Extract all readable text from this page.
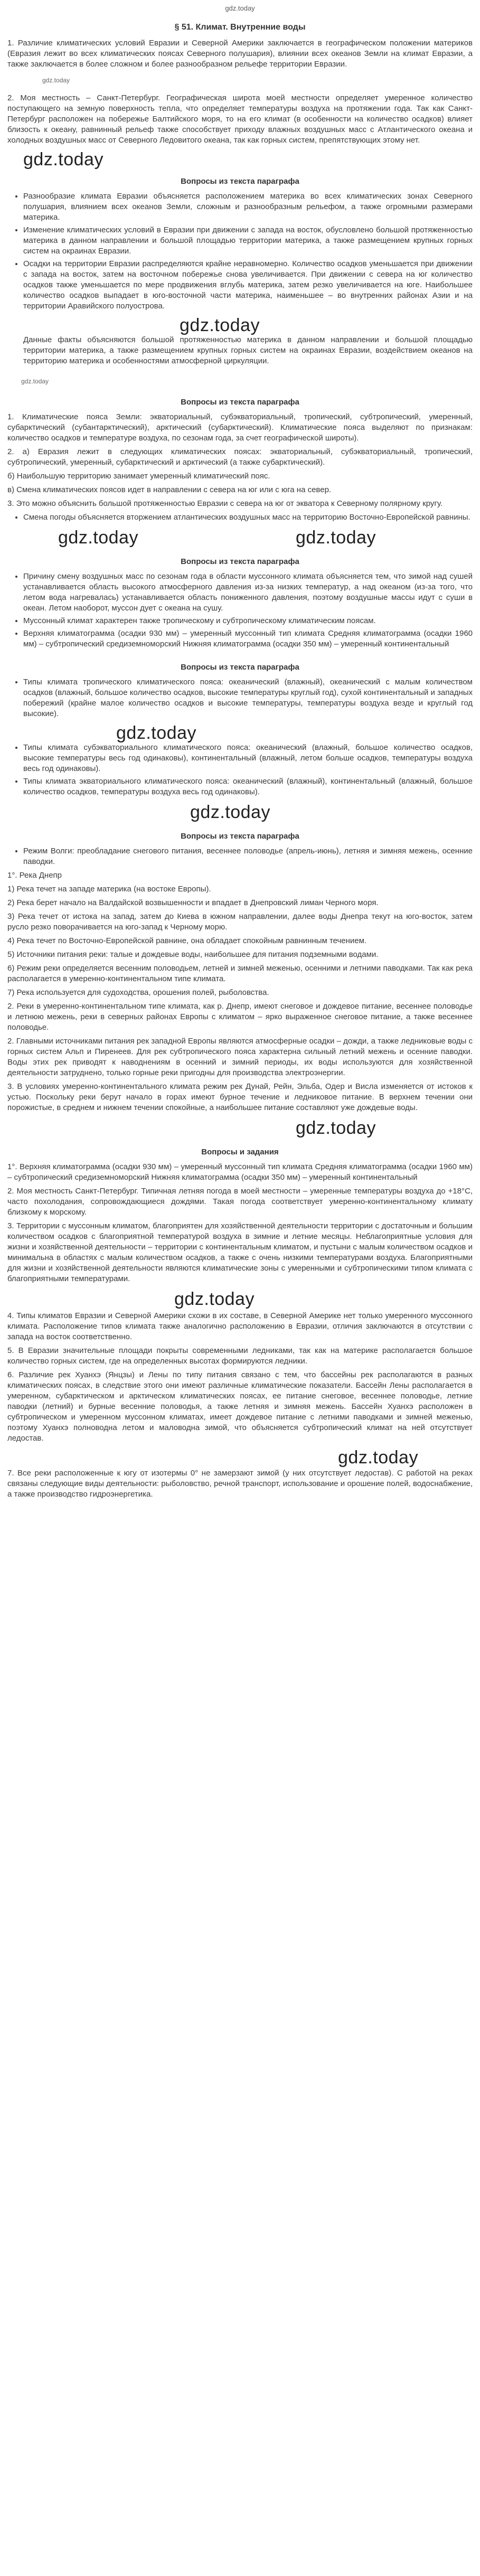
gdz.today
§ 51. Климат. Внутренние воды

1. Различие климатических условий Евразии и Северной Америки заключается в географическом положении материков (Евразия лежит во всех климатических поясах Северного полушария), влиянии всех океанов Земли на климат Евразии, а также заключается в более сложном и более разнообразном рельефе территории Евразии.

gdz.today

2. Моя местность – Санкт-Петербург. Географическая широта моей местности определяет умеренное количество поступающего на земную поверхность тепла, что определяет температуры воздуха на протяжении года. Так как Санкт-Петербург расположен на побережье Балтийского моря, то на его климат (в особенности на количество осадков) влияет близость к океану, равнинный рельеф также способствует приходу влажных воздушных масс с Атлантического океана и холодных воздушных масс от Северного Ледовитого океана, так как горных систем, препятствующих этому нет.

gdz.today
Вопросы из текста параграфа
• Разнообразие климата Евразии объясняется расположением материка во всех климатических зонах Северного полушария, влиянием всех океанов Земли, сложным и разнообразным рельефом, а также огромными размерами материка.
• Изменение климатических условий в Евразии при движении с запада на восток, обусловлено большой протяженностью материка в данном направлении и большой площадью территории материка, а также размещением крупных горных систем на окраинах Евразии.
• Осадки на территории Евразии распределяются крайне неравномерно. Количество осадков уменьшается при движении с запада на восток, затем на восточном побережье снова увеличивается. При движении с севера на юг количество осадков также уменьшается по мере продвижения вглубь материка, затем резко увеличивается на юге. Наибольшее количество осадков выпадает в юго-восточной части материка, наименьшее – во внутренних районах Азии и на территории Аравийского полуострова.
gdz.today

Данные факты объясняются большой протяженностью материка в данном направлении и большой площадью территории материка, а также размещением крупных горных систем на окраинах Евразии, воздействием океанов на территорию материка и особенностями атмосферной циркуляции.

gdz.today
Вопросы из текста параграфа

1. Климатические пояса Земли: экваториальный, субэкваториальный, тропический, субтропический, умеренный, субарктический (субантарктический), арктический (субарктический). Климатические пояса выделяют по признакам: количество осадков и температуре воздуха, по сезонам года, за счет географической широты).

2. а) Евразия лежит в следующих климатических поясах: экваториальный, субэкваториальный, тропический, субтропический, умеренный, субарктический и арктический (а также субарктический).

б) Наибольшую территорию занимает умеренный климатический пояс.

в) Смена климатических поясов идет в направлении с севера на юг или с юга на север.

3. Это можно объяснить большой протяженностью Евразии с севера на юг от экватора к Северному полярному кругу.

• Смена погоды объясняется вторжением атлантических воздушных масс на территорию Восточно-Европейской равнины.
gdz.today	gdz.today
Вопросы из текста параграфа
• Причину смену воздушных масс по сезонам года в области муссонного климата объясняется тем, что зимой над сушей устанавливается область высокого атмосферного давления из-за низких температур, а над океаном (из-за того, что летом вода нагревалась) устанавливается область пониженного давления, поэтому воздушные массы идут с суши в океан. Летом наоборот, муссон дует с океана на сушу.
• Муссонный климат характерен также тропическому и субтропическому климатическим поясам.
• Верхняя климатограмма (осадки 930 мм) – умеренный муссонный тип климата Средняя климатограмма (осадки 1960 мм) – субтропический средиземноморский Нижняя климатограмма (осадки 350 мм) – умеренный континентальный
Вопросы из текста параграфа
• Типы климата тропического климатического пояса: океанический (влажный), океанический с малым количеством осадков (влажный, большое количество осадков, высокие температуры круглый год), сухой континентальный и западных побережий (крайне малое количество осадков и высокие температуры, температуры воздуха везде и круглый год высокие).
gdz.today
• Типы климата субэкваториального климатического пояса: океанический (влажный, большое количество осадков, высокие температуры весь год одинаковы), континентальный (влажный, летом больше осадков, температуры воздуха весь год одинаковы).
• Типы климата экваториального климатического пояса: океанический (влажный), континентальный (влажный, большое количество осадков, температуры воздуха весь год одинаковы).
gdz.today
Вопросы из текста параграфа
• Режим Волги: преобладание снегового питания, весеннее половодье (апрель-июнь), летняя и зимняя межень, осенние паводки.

1°. Река Днепр

1) Река течет на западе материка (на востоке Европы).

2) Река берет начало на Валдайской возвышенности и впадает в Днепровский лиман Черного моря.

3) Река течет от истока на запад, затем до Киева в южном направлении, далее воды Днепра текут на юго-восток, затем русло резко поворачивается на юго-запад к Черному морю.

4) Река течет по Восточно-Европейской равнине, она обладает спокойным равнинным течением.

5) Источники питания реки: талые и дождевые воды, наибольшее для питания подземными водами.

6) Режим реки определяется весенним половодьем, летней и зимней меженью, осенними и летними паводками. Так как река располагается в умеренно-континентальном типе климата.

7) Река используется для судоходства, орошения полей, рыболовства.

2. Реки в умеренно-континентальном типе климата, как р. Днепр, имеют снеговое и дождевое питание, весеннее половодье и летнюю межень, реки в северных районах Европы с климатом – ярко выраженное снеговое питание, а также весеннее половодье.

2. Главными источниками питания рек западной Европы являются атмосферные осадки – дожди, а также ледниковые воды с горных систем Альп и Пиренеев. Для рек субтропического пояса характерна сильный летний межень и осенние паводки. Воды этих рек приводят к наводнениям в осенний и зимний периоды, их воды используются для хозяйственной деятельности затруднено, только горные реки пригодны для производства электроэнергии.

3. В условиях умеренно-континентального климата режим рек Дунай, Рейн, Эльба, Одер и Висла изменяется от истоков к устью. Поскольку реки берут начало в горах имеют бурное течение и ледниковое питание. В верхнем течении они порожистые, в среднем и нижнем течении спокойные, а наибольшее питание составляют уже дождевые воды.

gdz.today
Вопросы и задания

1°. Верхняя климатограмма (осадки 930 мм) – умеренный муссонный тип климата Средняя климатограмма (осадки 1960 мм) – субтропический средиземноморский Нижняя климатограмма (осадки 350 мм) – умеренный континентальный

2. Моя местность Санкт-Петербург. Типичная летняя погода в моей местности – умеренные температуры воздуха до +18°С, часто похолодания, сопровождающиеся дождями. Такая погода соответствует умеренно-континентальному климату близкому к морскому.

3. Территории с муссонным климатом, благоприятен для хозяйственной деятельности территории с достаточным и большим количеством осадков с благоприятной температурой воздуха в зимние и летние месяцы. Неблагоприятные условия для жизни и хозяйственной деятельности – территории с континентальным климатом, и пустыни с малым количеством осадков и минимальна в областях с малым количеством осадков, а также с очень низкими температурами воздуха. Благоприятными для жизни и хозяйственной деятельности являются климатические зоны с умеренными и субтропическими типом климата с благоприятными температурами.

gdz.today

4. Типы климатов Евразии и Северной Америки схожи в их составе, в Северной Америке нет только умеренного муссонного климата. Расположение типов климата также аналогично расположению в Евразии, отличия заключаются в отсутствии с запада на восток соответственно.

5. В Евразии значительные площади покрыты современными ледниками, так как на материке располагается большое количество горных систем, где на определенных высотах формируются ледники.

6. Различие рек Хуанхэ (Янцзы) и Лены по типу питания связано с тем, что бассейны рек располагаются в разных климатических поясах, в следствие этого они имеют различные климатические показатели. Бассейн Лены располагается в умеренном, субарктическом и арктическом климатических поясах, ее питание снеговое, весеннее половодье, летние паводки (летний) и бурные весенние половодья, а также летняя и зимняя межень. Бассейн Хуанхэ расположен в субтропическом и умеренном муссонном климатах, имеет дождевое питание с летними паводками и зимней меженью, поэтому Хуанхэ полноводна летом и маловодна зимой, что объясняется субтропический климат на ней отсутствует ледостав.

gdz.today

7. Все реки расположенные к югу от изотермы 0° не замерзают зимой (у них отсутствует ледостав). С работой на реках связаны следующие виды деятельности: рыболовство, речной транспорт, использование и орошение полей, водоснабжение, а также производство гидроэнергетика.
